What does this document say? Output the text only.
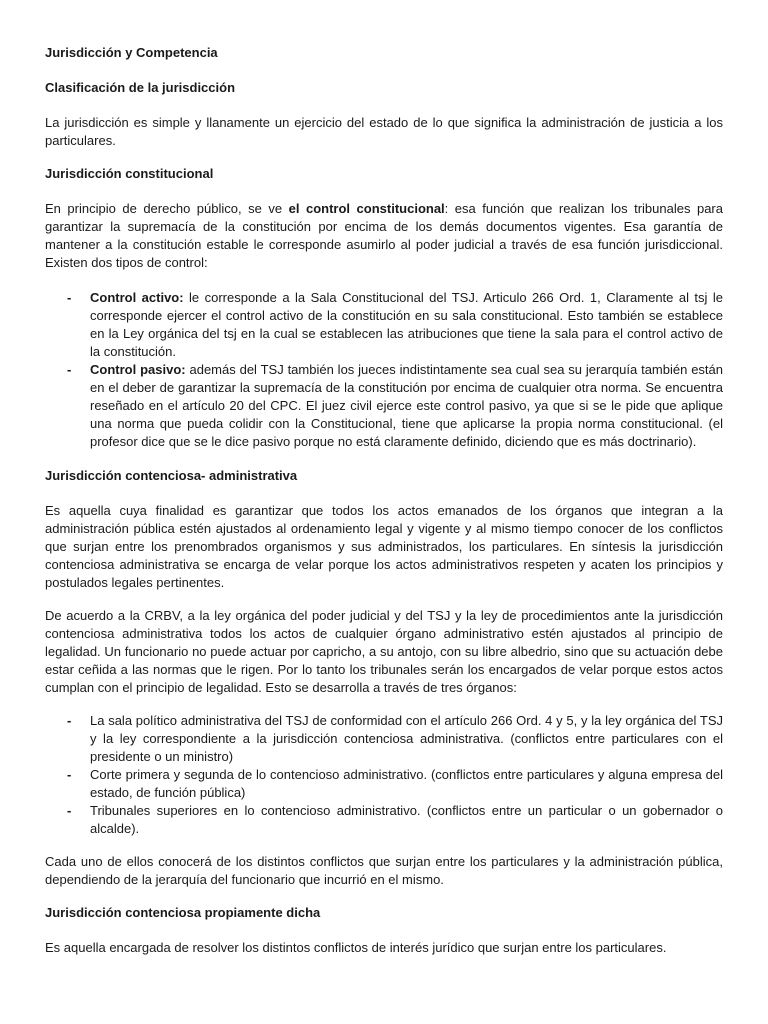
Jurisdicción y Competencia

Clasificación de la jurisdicción

La jurisdicción es simple y llanamente un ejercicio del estado de lo que significa la administración de justicia a los particulares.

Jurisdicción constitucional

En principio de derecho público, se ve el control constitucional: esa función que realizan los tribunales para garantizar la supremacía de la constitución por encima de los demás documentos vigentes. Esa garantía de mantener a la constitución estable le corresponde asumirlo al poder judicial a través de esa función jurisdiccional. Existen dos tipos de control:

- Control activo: le corresponde a la Sala Constitucional del TSJ. Articulo 266 Ord. 1, Claramente al tsj le corresponde ejercer el control activo de la constitución en su sala constitucional. Esto también se establece en la Ley orgánica del tsj en la cual se establecen las atribuciones que tiene la sala para el control activo de la constitución.
- Control pasivo: además del TSJ también los jueces indistintamente sea cual sea su jerarquía también están en el deber de garantizar la supremacía de la constitución por encima de cualquier otra norma. Se encuentra reseñado en el artículo 20 del CPC. El juez civil ejerce este control pasivo, ya que si se le pide que aplique una norma que pueda colidir con la Constitucional, tiene que aplicarse la propia norma constitucional. (el profesor dice que se le dice pasivo porque no está claramente definido, diciendo que es más doctrinario).

Jurisdicción contenciosa- administrativa

Es aquella cuya finalidad es garantizar que todos los actos emanados de los órganos que integran a la administración pública estén ajustados al ordenamiento legal y vigente y al mismo tiempo conocer de los conflictos que surjan entre los prenombrados organismos y sus administrados, los particulares. En síntesis la jurisdicción contenciosa administrativa se encarga de velar porque los actos administrativos respeten y acaten los principios y postulados legales pertinentes.

De acuerdo a la CRBV, a la ley orgánica del poder judicial y del TSJ y la ley de procedimientos ante la jurisdicción contenciosa administrativa todos los actos de cualquier órgano administrativo estén ajustados al principio de legalidad. Un funcionario no puede actuar por capricho, a su antojo, con su libre albedrio, sino que su actuación debe estar ceñida a las normas que le rigen. Por lo tanto los tribunales serán los encargados de velar porque estos actos cumplan con el principio de legalidad. Esto se desarrolla a través de tres órganos:

- La sala político administrativa del TSJ de conformidad con el artículo 266 Ord. 4 y 5, y la ley orgánica del TSJ y la ley correspondiente a la jurisdicción contenciosa administrativa. (conflictos entre particulares con el presidente o un ministro)
- Corte primera y segunda de lo contencioso administrativo. (conflictos entre particulares y alguna empresa del estado, de función pública)
- Tribunales superiores en lo contencioso administrativo. (conflictos entre un particular o un gobernador o alcalde).

Cada uno de ellos conocerá de los distintos conflictos que surjan entre los particulares y la administración pública, dependiendo de la jerarquía del funcionario que incurrió en el mismo.

Jurisdicción contenciosa propiamente dicha

Es aquella encargada de resolver los distintos conflictos de interés jurídico que surjan entre los particulares.
